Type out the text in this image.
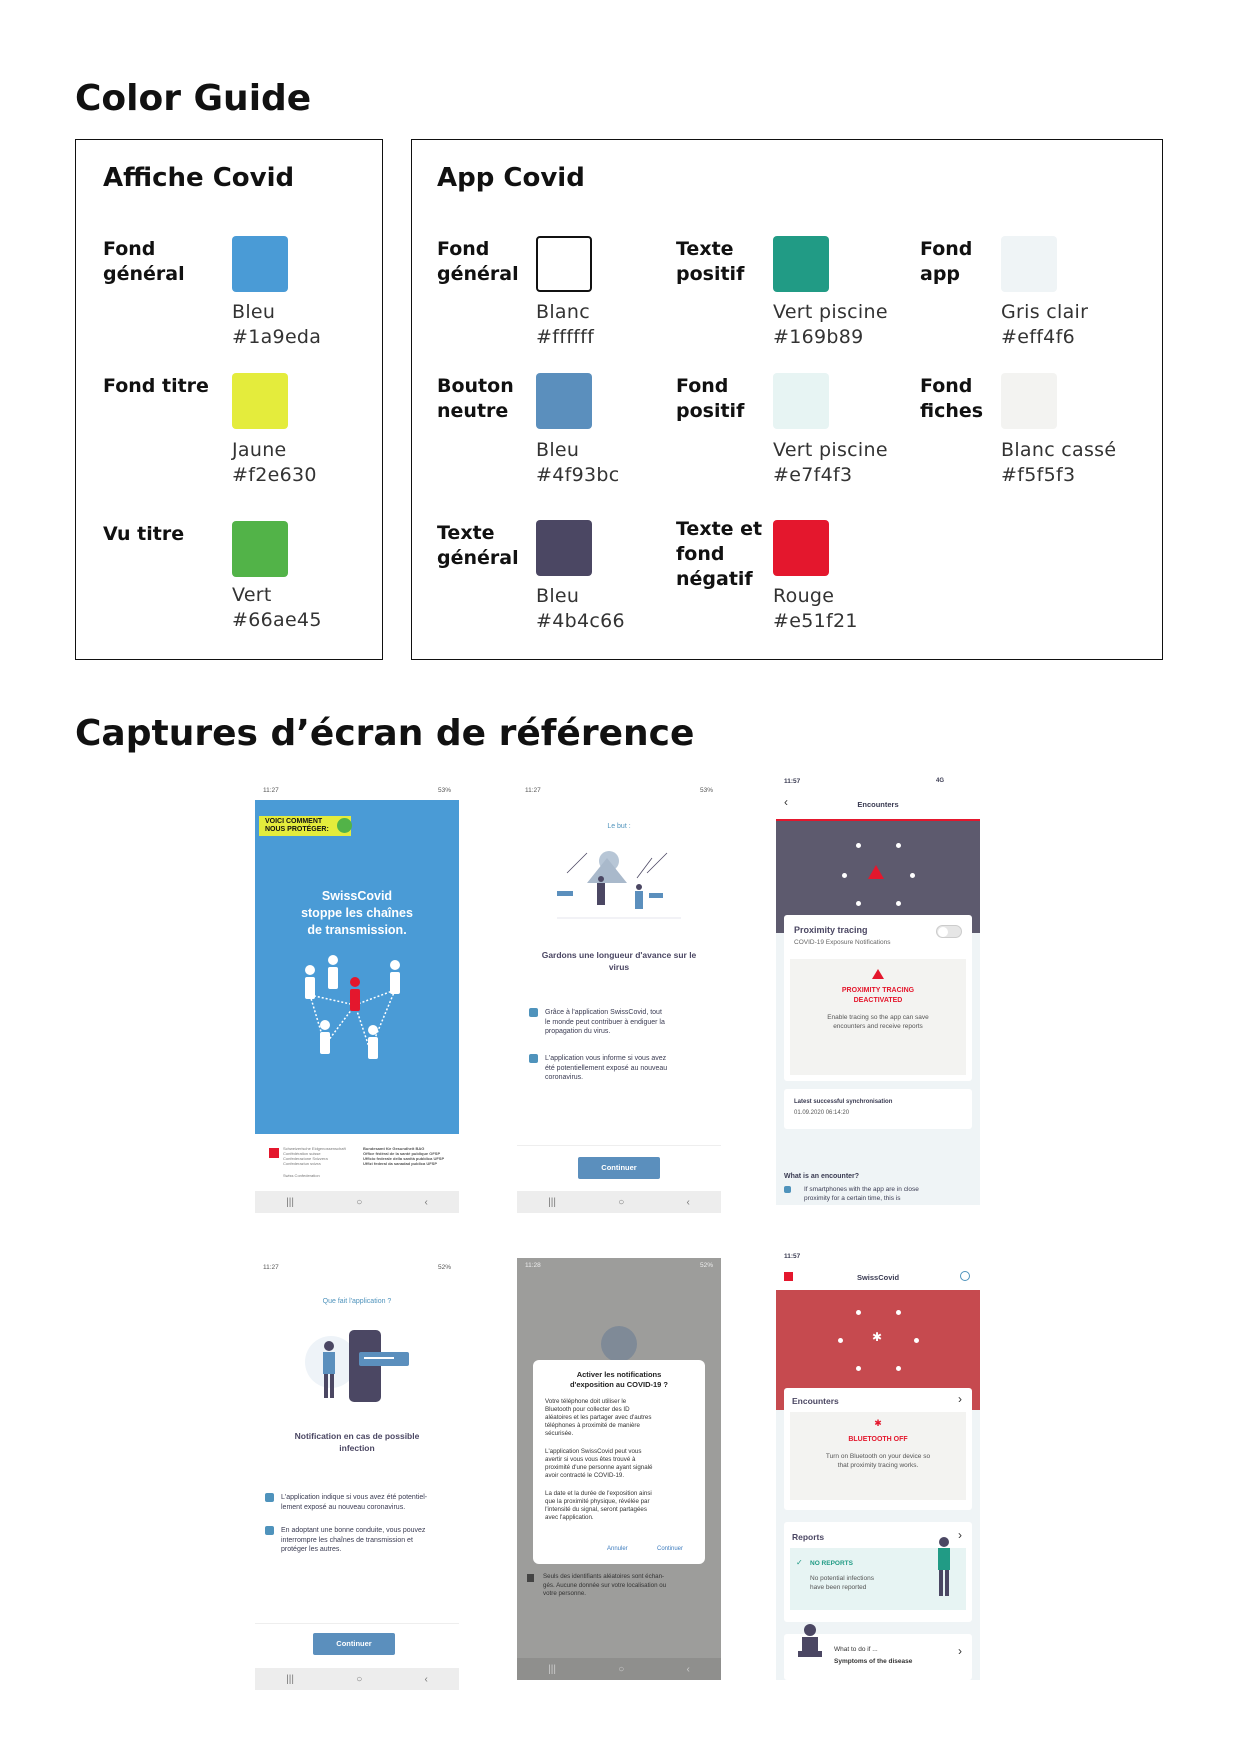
Color Guide
Affiche Covid
Fond
général
Bleu
#1a9eda
Fond titre
Jaune
#f2e630
Vu titre
Vert
#66ae45
App Covid
Fond
général
Blanc
#ffffff
Bouton
neutre
Bleu
#4f93bc
Texte
général
Bleu
#4b4c66
Texte
positif
Vert piscine
#169b89
Fond
positif
Vert piscine
#e7f4f3
Texte et
fond
négatif
Rouge
#e51f21
Fond
app
Gris clair
#eff4f6
Fond
fiches
Blanc cassé
#f5f5f3
Captures d’écran de référence
11:27	53%
VOICI COMMENT
NOUS PROTÉGER:
SwissCovid
stoppe les chaînes
de transmission.
Schweizerische Eidgenossenschaft
Confédération suisse
Confederazione Svizzera
Confederaziun svizra
Bundesamt für Gesundheit BAG
Office fédéral de la santé publique OFSP
Ufficio federale della sanità pubblica UFSP
Uffizi federal da sanadad publica UFSP
Swiss Confederation
|||	○	‹
11:27	53%
Le but :
Gardons une longueur d'avance sur le
virus
Grâce à l'application SwissCovid, tout
le monde peut contribuer à endiguer la
propagation du virus.
L'application vous informe si vous avez
été potentiellement exposé au nouveau
coronavirus.
Continuer
|||	○	‹
11:57	4G
‹	Encounters
Proximity tracing
COVID-19 Exposure Notifications
PROXIMITY TRACING
DEACTIVATED
Enable tracing so the app can save
encounters and receive reports
Latest successful synchronisation
01.09.2020 06:14:20
What is an encounter?
If smartphones with the app are in close
proximity for a certain time, this is
11:27	52%
Que fait l'application ?
Notification en cas de possible
infection
L'application indique si vous avez été potentiel-
lement exposé au nouveau coronavirus.
En adoptant une bonne conduite, vous pouvez
interrompre les chaînes de transmission et
protéger les autres.
Continuer
|||	○	‹
11:28	52%
Activer les notifications
d'exposition au COVID-19 ?
Votre téléphone doit utiliser le
Bluetooth pour collecter des ID
aléatoires et les partager avec d'autres
téléphones à proximité de manière
sécurisée.
L'application SwissCovid peut vous
avertir si vous vous êtes trouvé à
proximité d'une personne ayant signalé
avoir contracté le COVID-19.
La date et la durée de l'exposition ainsi
que la proximité physique, révélée par
l'intensité du signal, seront partagées
avec l'application.
Annuler	Continuer
Seuls des identifiants aléatoires sont échan-
gés. Aucune donnée sur votre localisation ou
votre personne.
|||	○	‹
11:57
SwissCovid
✱
Encounters	›
✱
BLUETOOTH OFF
Turn on Bluetooth on your device so
that proximity tracing works.
Reports	›
✓ NO REPORTS
No potential infections
have been reported
What to do if ...
Symptoms of the disease
›
